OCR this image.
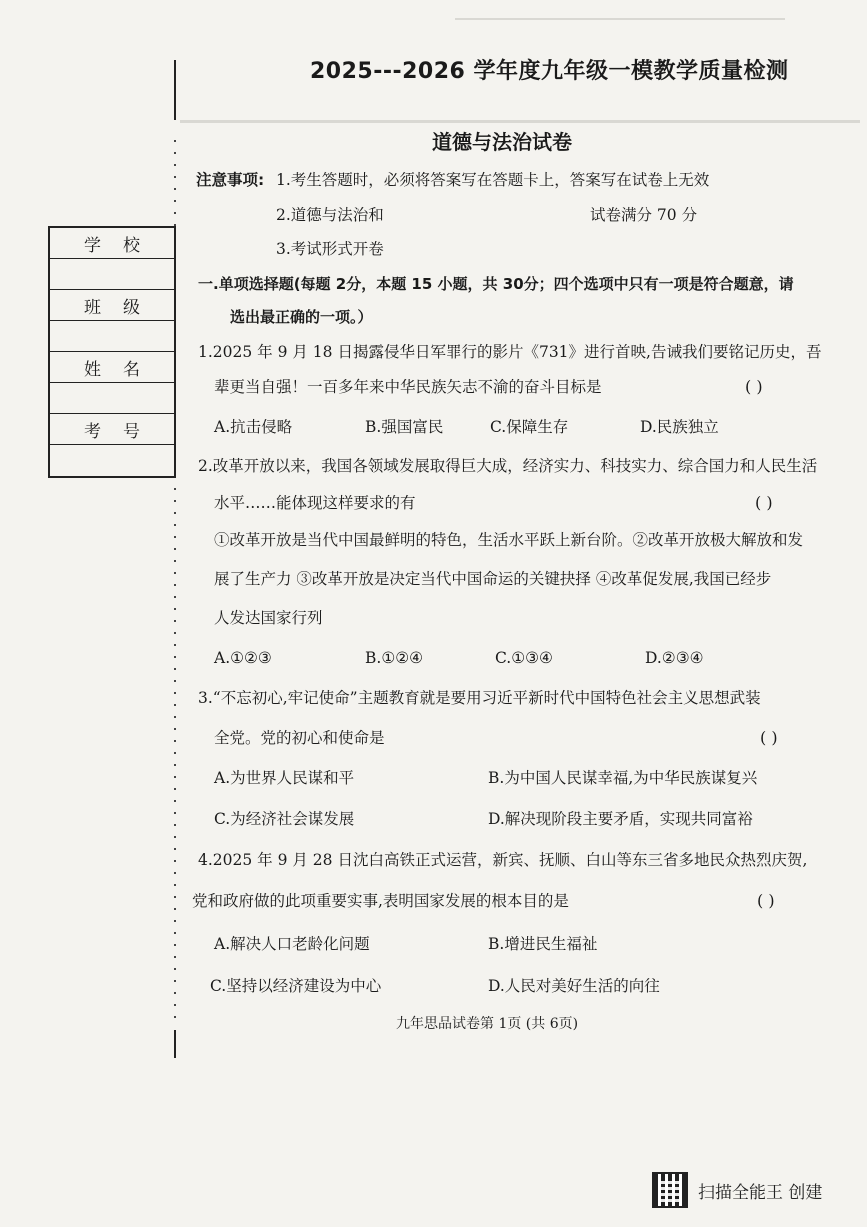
学校
班级
姓名
考号
2025---2026 学年度九年级一模教学质量检测
道德与法治试卷
注意事项: 1.考生答题时，必须将答案写在答题卡上，答案写在试卷上无效
2.道德与法治和	试卷满分 70 分
3.考试形式开卷
一.单项选择题(每题 2分，本题 15 小题，共 30分；四个选项中只有一项是符合题意，请
选出最正确的一项。）
1.2025 年 9 月 18 日揭露侵华日军罪行的影片《731》进行首映,告诫我们要铭记历史，吾
辈更当自强！一百多年来中华民族矢志不渝的奋斗目标是	( )
A.抗击侵略	B.强国富民	C.保障生存	D.民族独立
2.改革开放以来，我国各领域发展取得巨大成，经济实力、科技实力、综合国力和人民生活
水平……能体现这样要求的有	( )
①改革开放是当代中国最鲜明的特色，生活水平跃上新台阶。②改革开放极大解放和发
展了生产力 ③改革开放是决定当代中国命运的关键抉择 ④改革促发展,我国已经步
人发达国家行列
A.①②③	B.①②④	C.①③④	D.②③④
3.“不忘初心,牢记使命”主题教育就是要用习近平新时代中国特色社会主义思想武装
全党。党的初心和使命是	( )
A.为世界人民谋和平	B.为中国人民谋幸福,为中华民族谋复兴
C.为经济社会谋发展	D.解决现阶段主要矛盾，实现共同富裕
4.2025 年 9 月 28 日沈白高铁正式运营，新宾、抚顺、白山等东三省多地民众热烈庆贺,
党和政府做的此项重要实事,表明国家发展的根本目的是	( )
A.解决人口老龄化问题	B.增进民生福祉
C.坚持以经济建设为中心	D.人民对美好生活的向往
九年思品试卷第 1页 (共 6页)
扫描全能王 创建
